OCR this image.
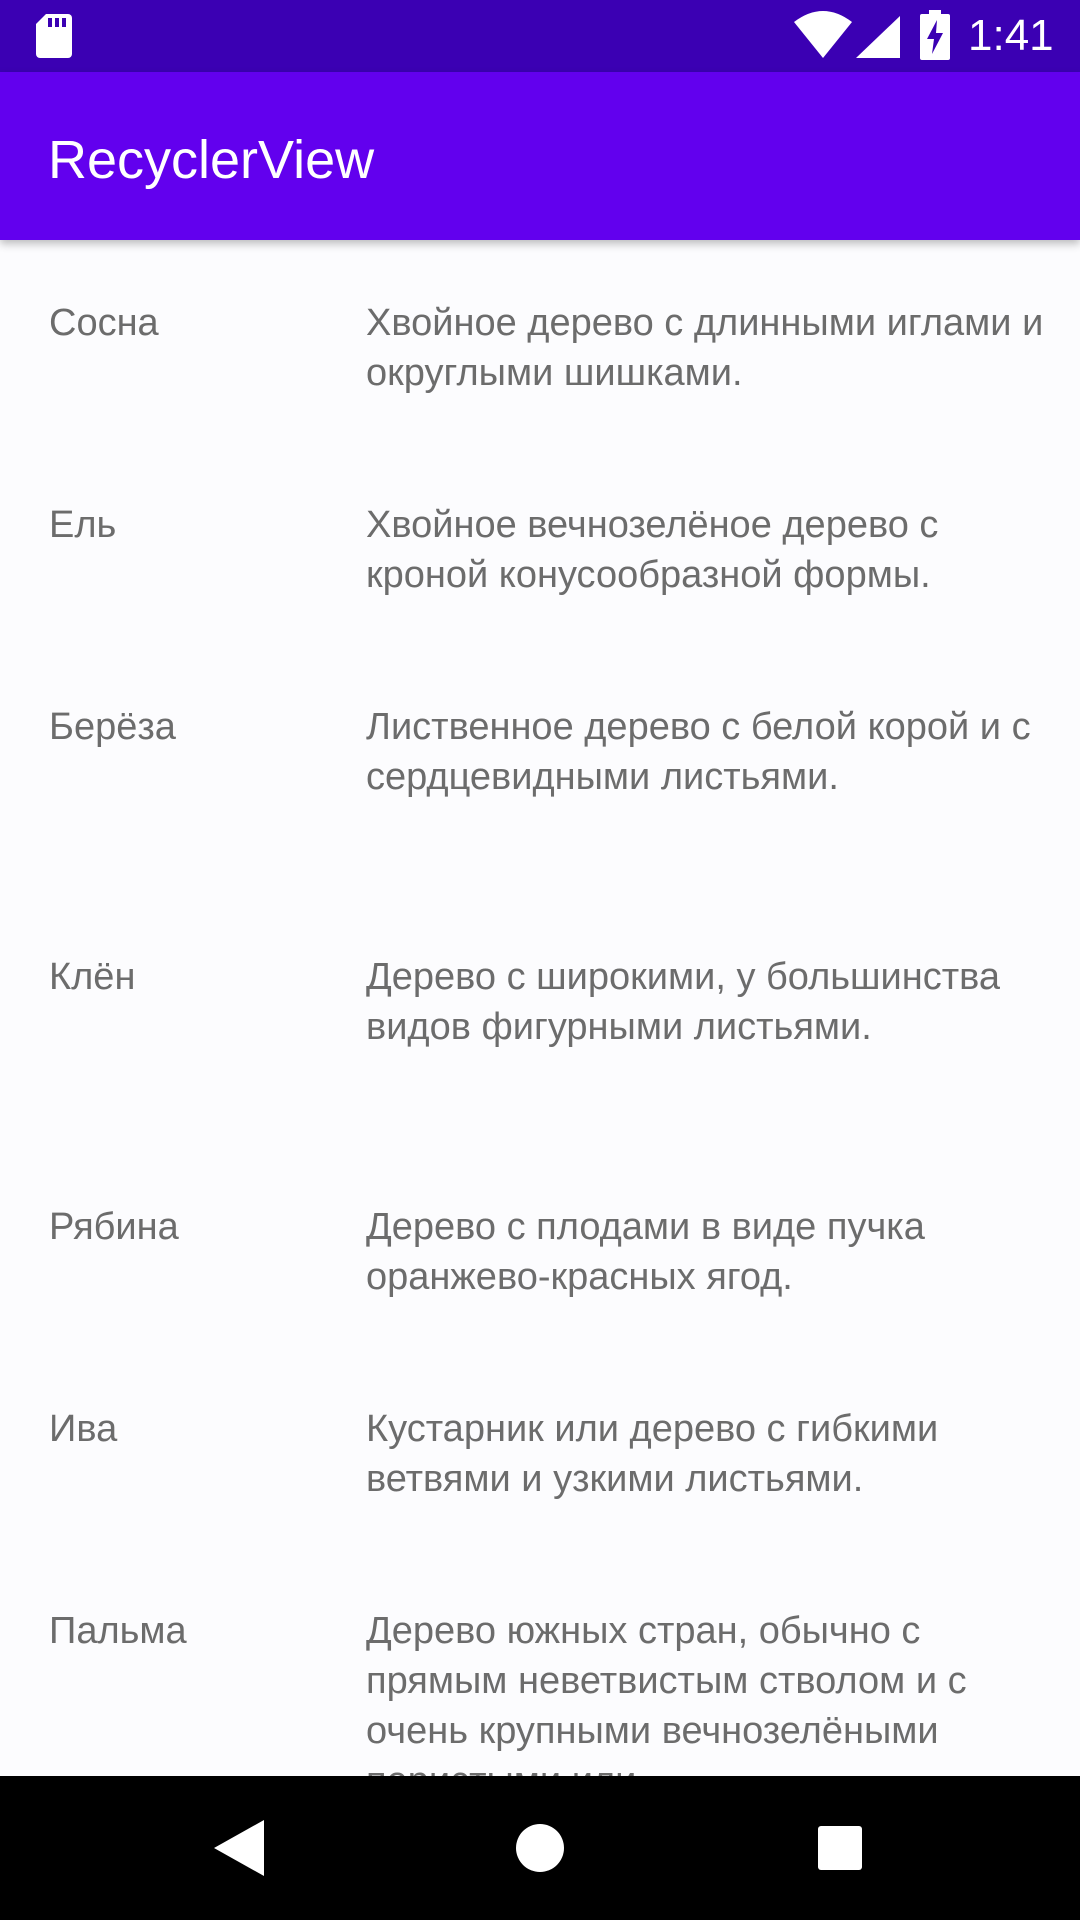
1:41
RecyclerView
Сосна	Хвойное дерево с длинными иглами и округлыми шишками.
Ель	Хвойное вечнозелёное дерево с кроной конусообразной формы.
Берёза	Лиственное дерево с белой корой и с сердцевидными листьями.
Клён	Дерево с широкими, у большинства видов фигурными листьями.
Рябина	Дерево с плодами в виде пучка оранжево-красных ягод.
Ива	Кустарник или дерево с гибкими ветвями и узкими листьями.
Пальма	Дерево южных стран, обычно с прямым неветвистым стволом и с очень крупными вечнозелёными
